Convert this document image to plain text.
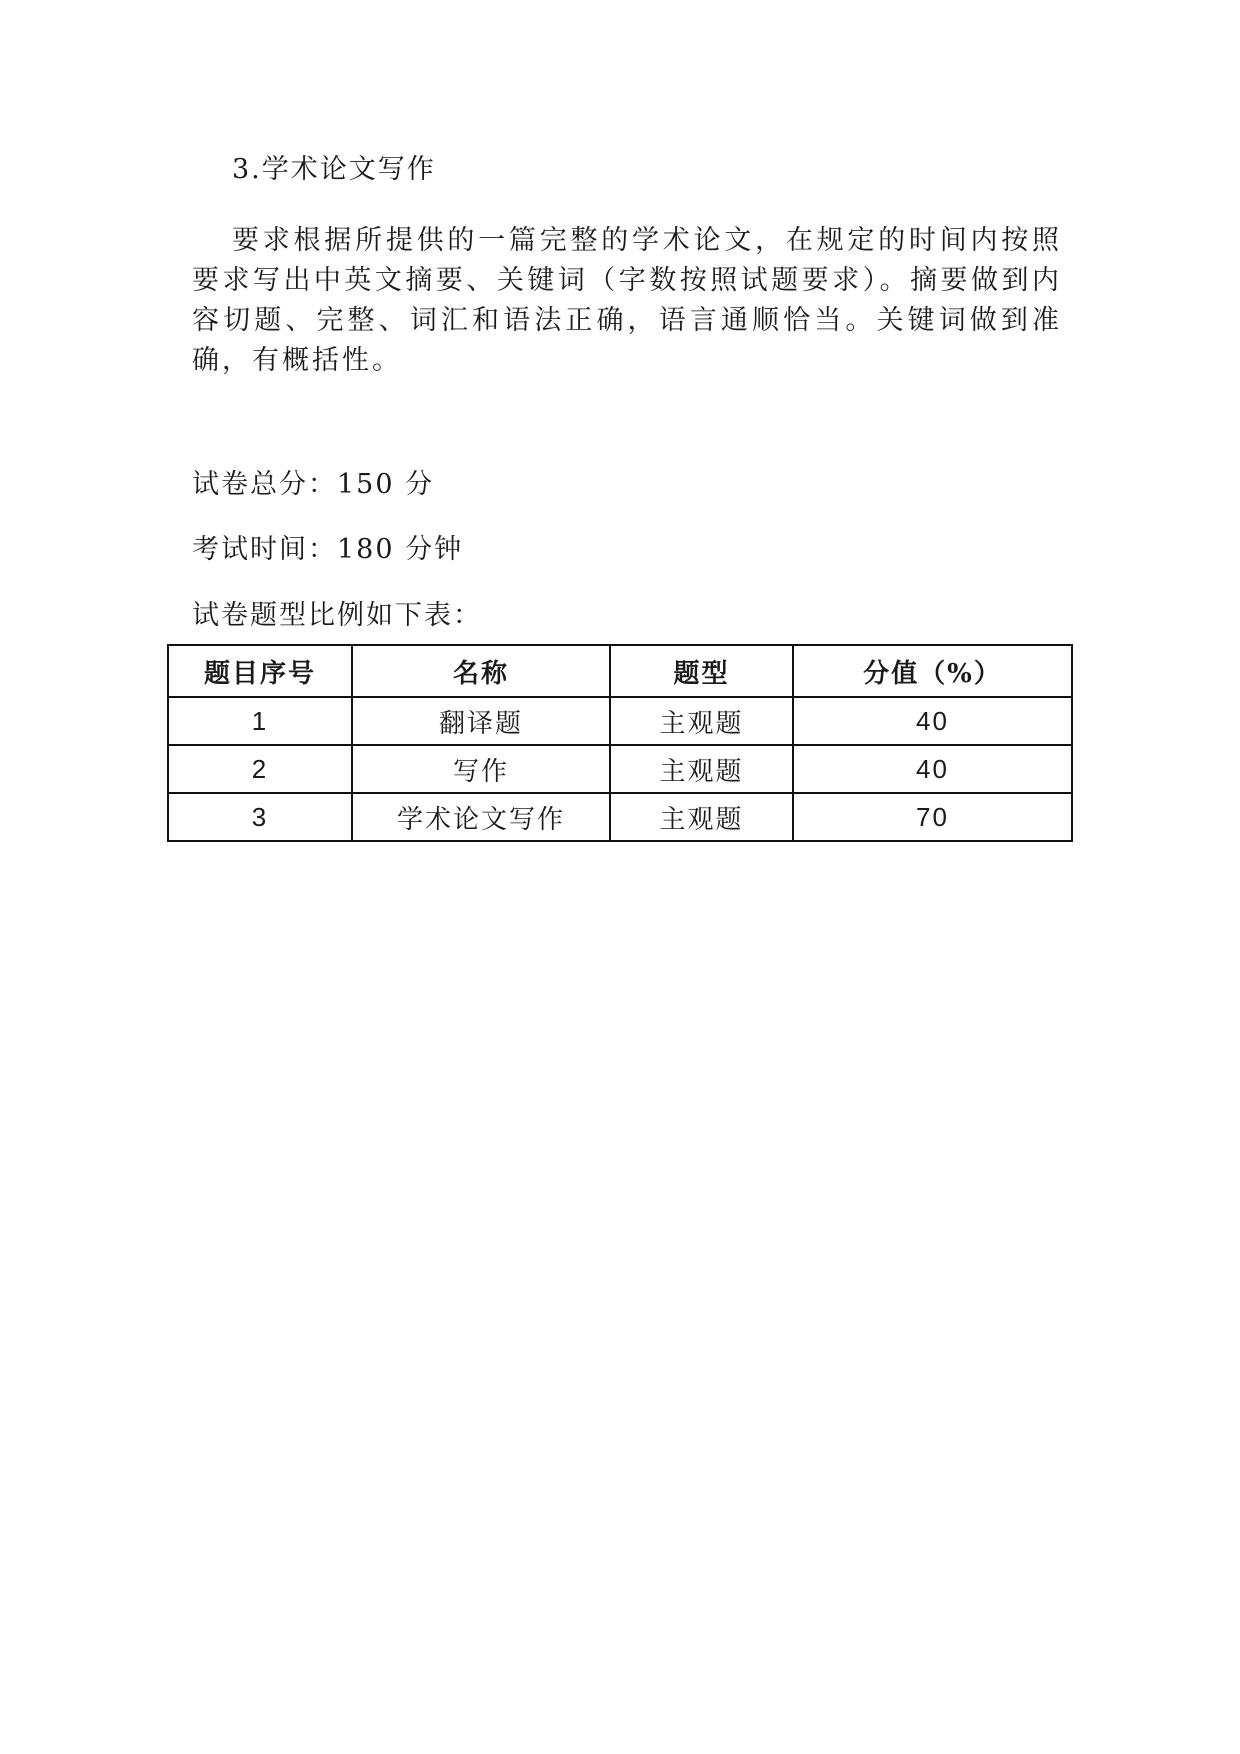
3.学术论文写作

要求根据所提供的一篇完整的学术论文，在规定的时间内按照要求写出中英文摘要、关键词（字数按照试题要求）。摘要做到内容切题、完整、词汇和语法正确，语言通顺恰当。关键词做到准确，有概括性。

试卷总分：150 分
考试时间：180 分钟
试卷题型比例如下表：
题目序号	名称	题型	分值（%）
1	翻译题	主观题	40
2	写作	主观题	40
3	学术论文写作	主观题	70
